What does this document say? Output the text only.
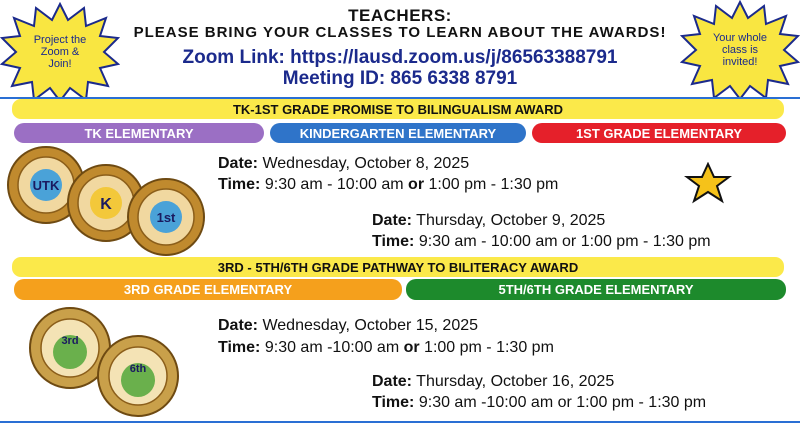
Project the Zoom & Join!
Your whole class is invited!
TEACHERS:
PLEASE BRING YOUR CLASSES TO LEARN ABOUT THE AWARDS!
Zoom Link: https://lausd.zoom.us/j/86563388791
Meeting ID: 865 6338 8791
TK-1ST GRADE PROMISE TO BILINGUALISM AWARD
TK ELEMENTARY	KINDERGARTEN ELEMENTARY	1ST GRADE ELEMENTARY
UTK
K
1st
Date: Wednesday, October 8, 2025
Time: 9:30 am - 10:00 am or 1:00 pm - 1:30 pm
Date: Thursday, October 9, 2025
Time: 9:30 am - 10:00 am or 1:00 pm - 1:30 pm
3RD - 5TH/6TH GRADE PATHWAY TO BILITERACY AWARD
3RD GRADE ELEMENTARY	5TH/6TH GRADE ELEMENTARY
3rd
6th
Date: Wednesday, October 15, 2025
Time: 9:30 am -10:00 am or 1:00 pm - 1:30 pm
Date: Thursday, October 16, 2025
Time: 9:30 am -10:00 am or 1:00 pm - 1:30 pm
